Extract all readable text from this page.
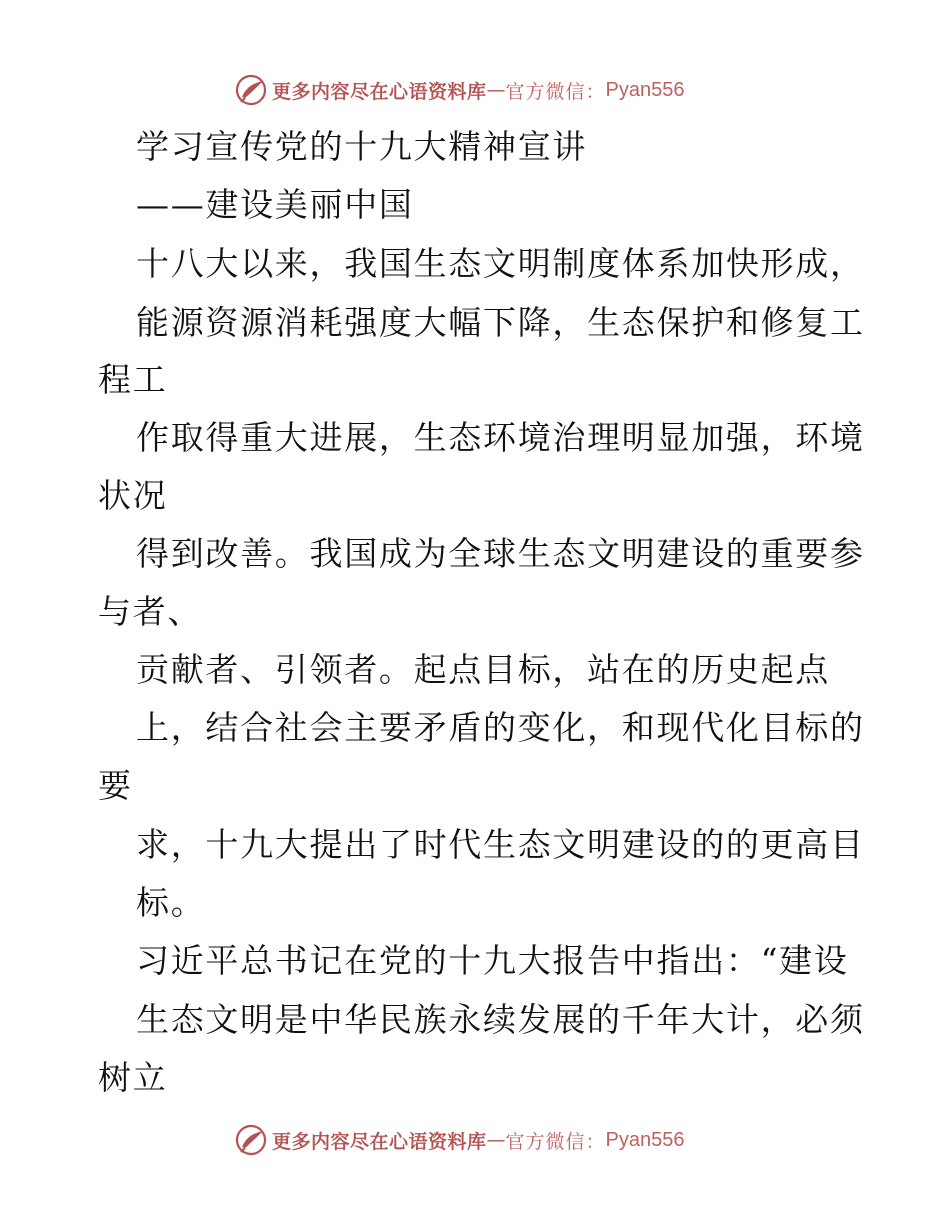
更多内容尽在心语资料库 — 官方微信： Pyan556
学习宣传党的十九大精神宣讲
——建设美丽中国
十八大以来，我国生态文明制度体系加快形成，
能源资源消耗强度大幅下降，生态保护和修复工
程工
作取得重大进展，生态环境治理明显加强，环境
状况
得到改善。我国成为全球生态文明建设的重要参
与者、
贡献者、引领者。起点目标，站在的历史起点
上，结合社会主要矛盾的变化，和现代化目标的
要
求，十九大提出了时代生态文明建设的的更高目
标。
习近平总书记在党的十九大报告中指出：“建设
生态文明是中华民族永续发展的千年大计，必须
树立
更多内容尽在心语资料库 — 官方微信： Pyan556
